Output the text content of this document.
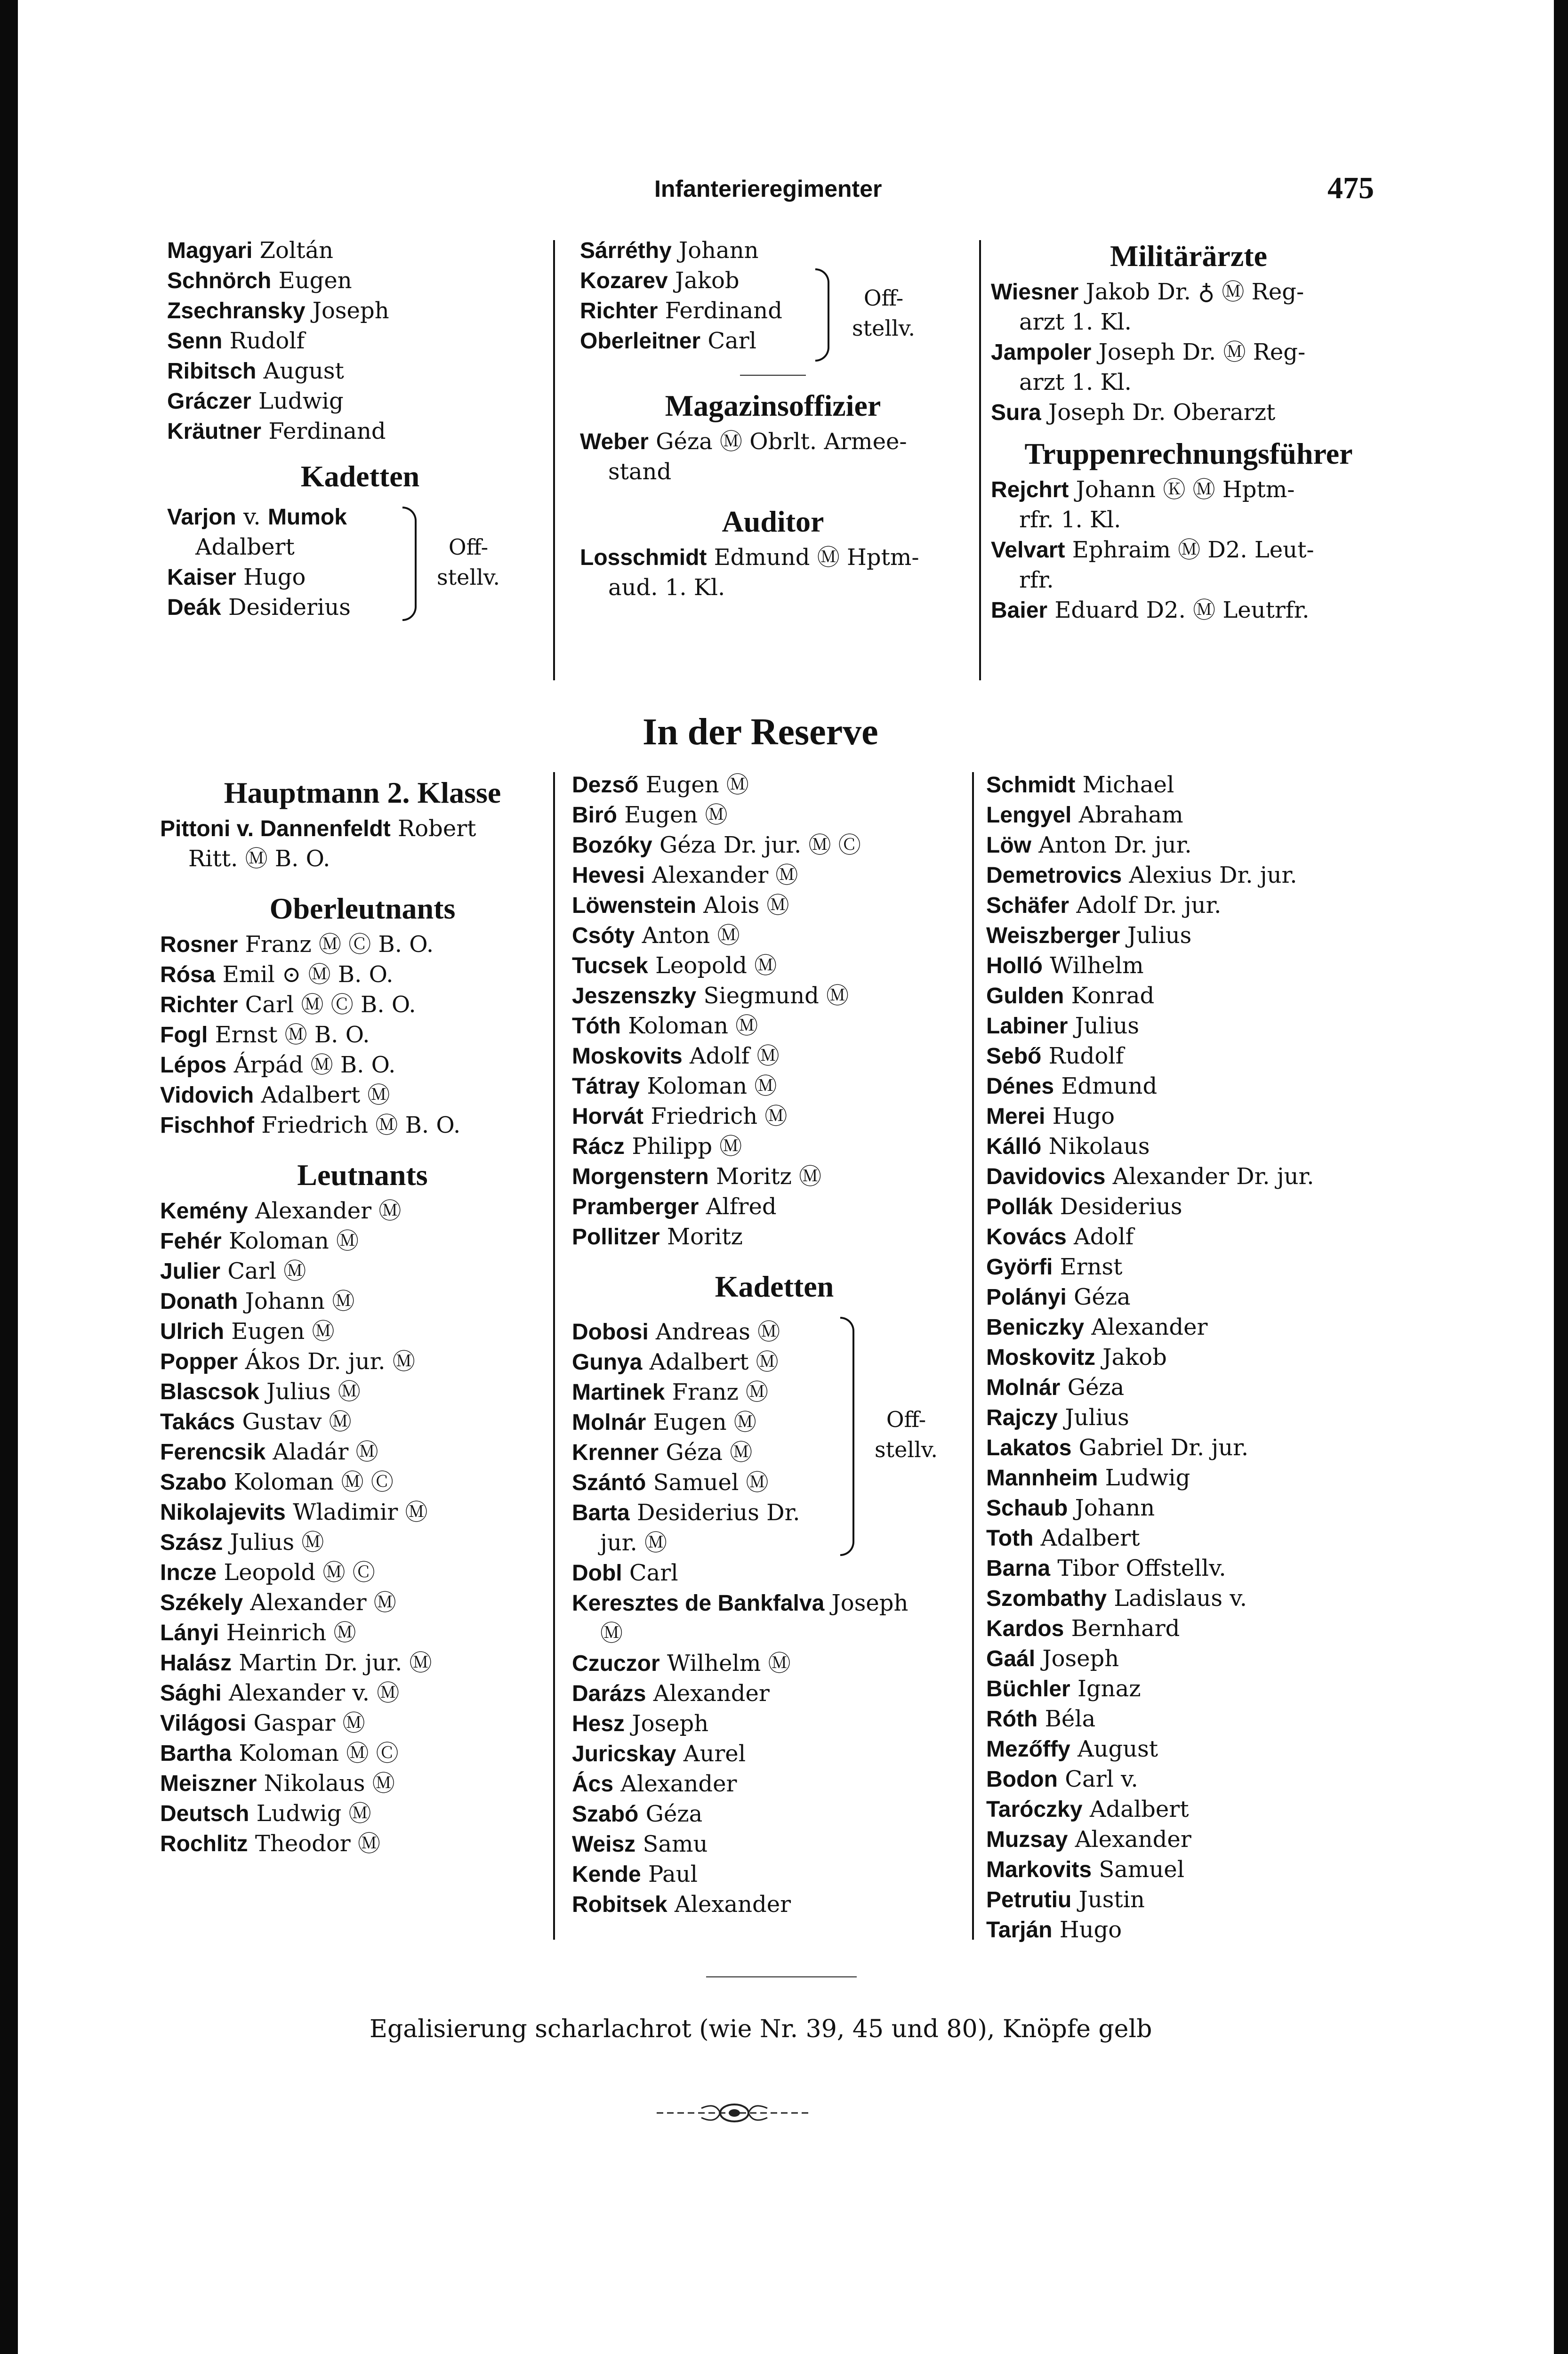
Infanterieregimenter	475
Magyari Zoltán
Schnörch Eugen
Zsechransky Joseph
Senn Rudolf
Ribitsch August
Gráczer Ludwig
Kräutner Ferdinand
Kadetten
Varjon v. Mumok
Adalbert
Kaiser Hugo
Deák Desiderius
Off-stellv.
Sárréthy Johann
Kozarev Jakob
Richter Ferdinand
Oberleitner Carl
Off-stellv.
Magazinsoffizier
Weber Géza Ⓜ Obrlt. Armee-
stand
Auditor
Losschmidt Edmund Ⓜ Hptm-
aud. 1. Kl.
Militärärzte
Wiesner Jakob Dr. ♁ Ⓜ Reg-
arzt 1. Kl.
Jampoler Joseph Dr. Ⓜ Reg-
arzt 1. Kl.
Sura Joseph Dr. Oberarzt
Truppenrechnungsführer
Rejchrt Johann Ⓚ Ⓜ Hptm-
rfr. 1. Kl.
Velvart Ephraim Ⓜ D2. Leut-
rfr.
Baier Eduard D2. Ⓜ Leutrfr.
In der Reserve
Hauptmann 2. Klasse
Pittoni v. Dannenfeldt Robert
Ritt. Ⓜ B. O.
Oberleutnants
Rosner Franz Ⓜ Ⓒ B. O.
Rósa Emil ⊙ Ⓜ B. O.
Richter Carl Ⓜ Ⓒ B. O.
Fogl Ernst Ⓜ B. O.
Lépos Árpád Ⓜ B. O.
Vidovich Adalbert Ⓜ
Fischhof Friedrich Ⓜ B. O.
Leutnants
Kemény Alexander Ⓜ
Fehér Koloman Ⓜ
Julier Carl Ⓜ
Donath Johann Ⓜ
Ulrich Eugen Ⓜ
Popper Ákos Dr. jur. Ⓜ
Blascsok Julius Ⓜ
Takács Gustav Ⓜ
Ferencsik Aladár Ⓜ
Szabo Koloman Ⓜ Ⓒ
Nikolajevits Wladimir Ⓜ
Szász Julius Ⓜ
Incze Leopold Ⓜ Ⓒ
Székely Alexander Ⓜ
Lányi Heinrich Ⓜ
Halász Martin Dr. jur. Ⓜ
Sághi Alexander v. Ⓜ
Világosi Gaspar Ⓜ
Bartha Koloman Ⓜ Ⓒ
Meiszner Nikolaus Ⓜ
Deutsch Ludwig Ⓜ
Rochlitz Theodor Ⓜ
Dezső Eugen Ⓜ
Biró Eugen Ⓜ
Bozóky Géza Dr. jur. Ⓜ Ⓒ
Hevesi Alexander Ⓜ
Löwenstein Alois Ⓜ
Csóty Anton Ⓜ
Tucsek Leopold Ⓜ
Jeszenszky Siegmund Ⓜ
Tóth Koloman Ⓜ
Moskovits Adolf Ⓜ
Tátray Koloman Ⓜ
Horvát Friedrich Ⓜ
Rácz Philipp Ⓜ
Morgenstern Moritz Ⓜ
Pramberger Alfred
Pollitzer Moritz
Kadetten
Dobosi Andreas Ⓜ
Gunya Adalbert Ⓜ
Martinek Franz Ⓜ
Molnár Eugen Ⓜ
Krenner Géza Ⓜ
Szántó Samuel Ⓜ
Barta Desiderius Dr.
jur. Ⓜ
Off-stellv.
Dobl Carl
Keresztes de Bankfalva Joseph
Ⓜ
Czuczor Wilhelm Ⓜ
Darázs Alexander
Hesz Joseph
Juricskay Aurel
Ács Alexander
Szabó Géza
Weisz Samu
Kende Paul
Robitsek Alexander
Schmidt Michael
Lengyel Abraham
Löw Anton Dr. jur.
Demetrovics Alexius Dr. jur.
Schäfer Adolf Dr. jur.
Weiszberger Julius
Holló Wilhelm
Gulden Konrad
Labiner Julius
Sebő Rudolf
Dénes Edmund
Merei Hugo
Kálló Nikolaus
Davidovics Alexander Dr. jur.
Pollák Desiderius
Kovács Adolf
Györfi Ernst
Polányi Géza
Beniczky Alexander
Moskovitz Jakob
Molnár Géza
Rajczy Julius
Lakatos Gabriel Dr. jur.
Mannheim Ludwig
Schaub Johann
Toth Adalbert
Barna Tibor Offstellv.
Szombathy Ladislaus v.
Kardos Bernhard
Gaál Joseph
Büchler Ignaz
Róth Béla
Mezőffy August
Bodon Carl v.
Taróczky Adalbert
Muzsay Alexander
Markovits Samuel
Petrutiu Justin
Tarján Hugo
Egalisierung scharlachrot (wie Nr. 39, 45 und 80), Knöpfe gelb
